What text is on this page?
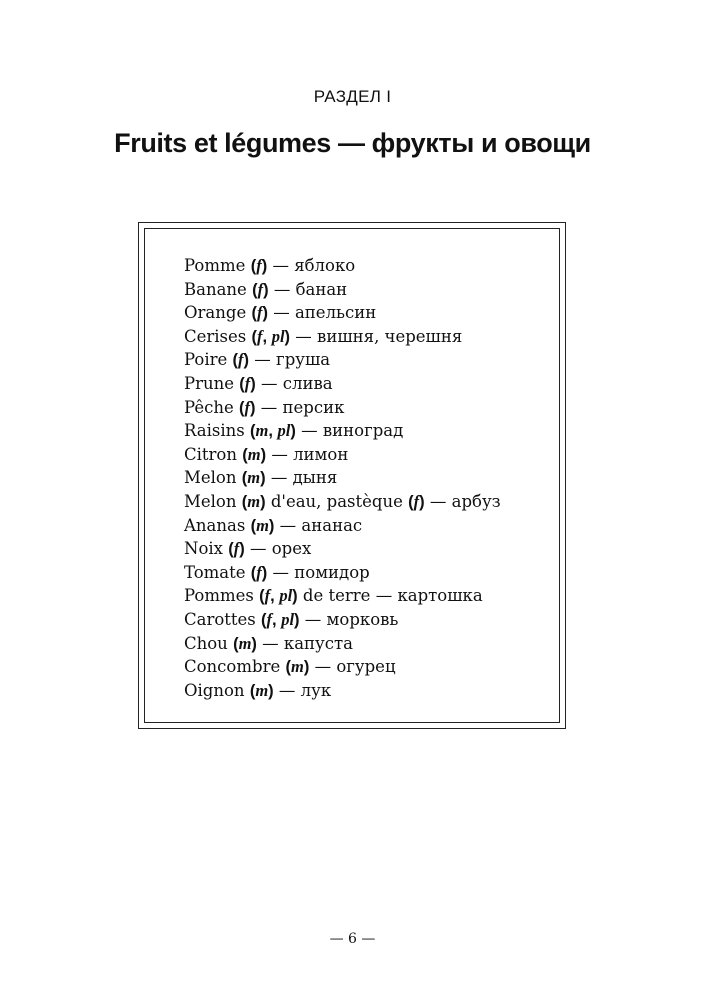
РАЗДЕЛ I
Fruits et légumes — фрукты и овощи
Pomme (f) — яблоко
Banane (f) — банан
Orange (f) — апельсин
Cerises (f, pl) — вишня, черешня
Poire (f) — груша
Prune (f) — слива
Pêche (f) — персик
Raisins (m, pl) — виноград
Citron (m) — лимон
Melon (m) — дыня
Melon (m) d'eau, pastèque (f) — арбуз
Ananas (m) — ананас
Noix (f) — орех
Tomate (f) — помидор
Pommes (f, pl) de terre — картошка
Carottes (f, pl) — морковь
Chou (m) — капуста
Concombre (m) — огурец
Oignon (m) — лук
— 6 —
